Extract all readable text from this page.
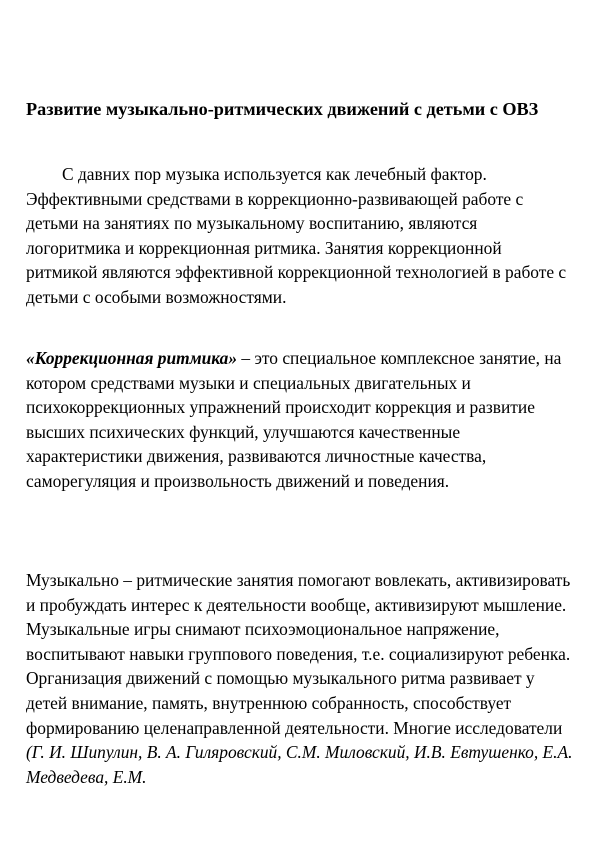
Развитие музыкально-ритмических движений с детьми с ОВЗ

С давних пор музыка используется как лечебный фактор. Эффективными средствами в коррекционно-развивающей работе с детьми на занятиях по музыкальному воспитанию, являются логоритмика и коррекционная ритмика. Занятия коррекционной ритмикой являются эффективной коррекционной технологией в работе с детьми с особыми возможностями.

«Коррекционная ритмика» – это специальное комплексное занятие, на котором средствами музыки и специальных двигательных и психокоррекционных упражнений происходит коррекция и развитие высших психических функций, улучшаются качественные характеристики движения, развиваются личностные качества, саморегуляция и произвольность движений и поведения.

Музыкально – ритмические занятия помогают вовлекать, активизировать и пробуждать интерес к деятельности вообще, активизируют мышление. Музыкальные игры снимают психоэмоциональное напряжение, воспитывают навыки группового поведения, т.е. социализируют ребенка. Организация движений с помощью музыкального ритма развивает у детей внимание, память, внутреннюю собранность, способствует формированию целенаправленной деятельности. Многие исследователи (Г. И. Шипулин, В. А. Гиляровский, С.М. Миловский, И.В. Евтушенко, Е.А. Медведева, Е.М.
